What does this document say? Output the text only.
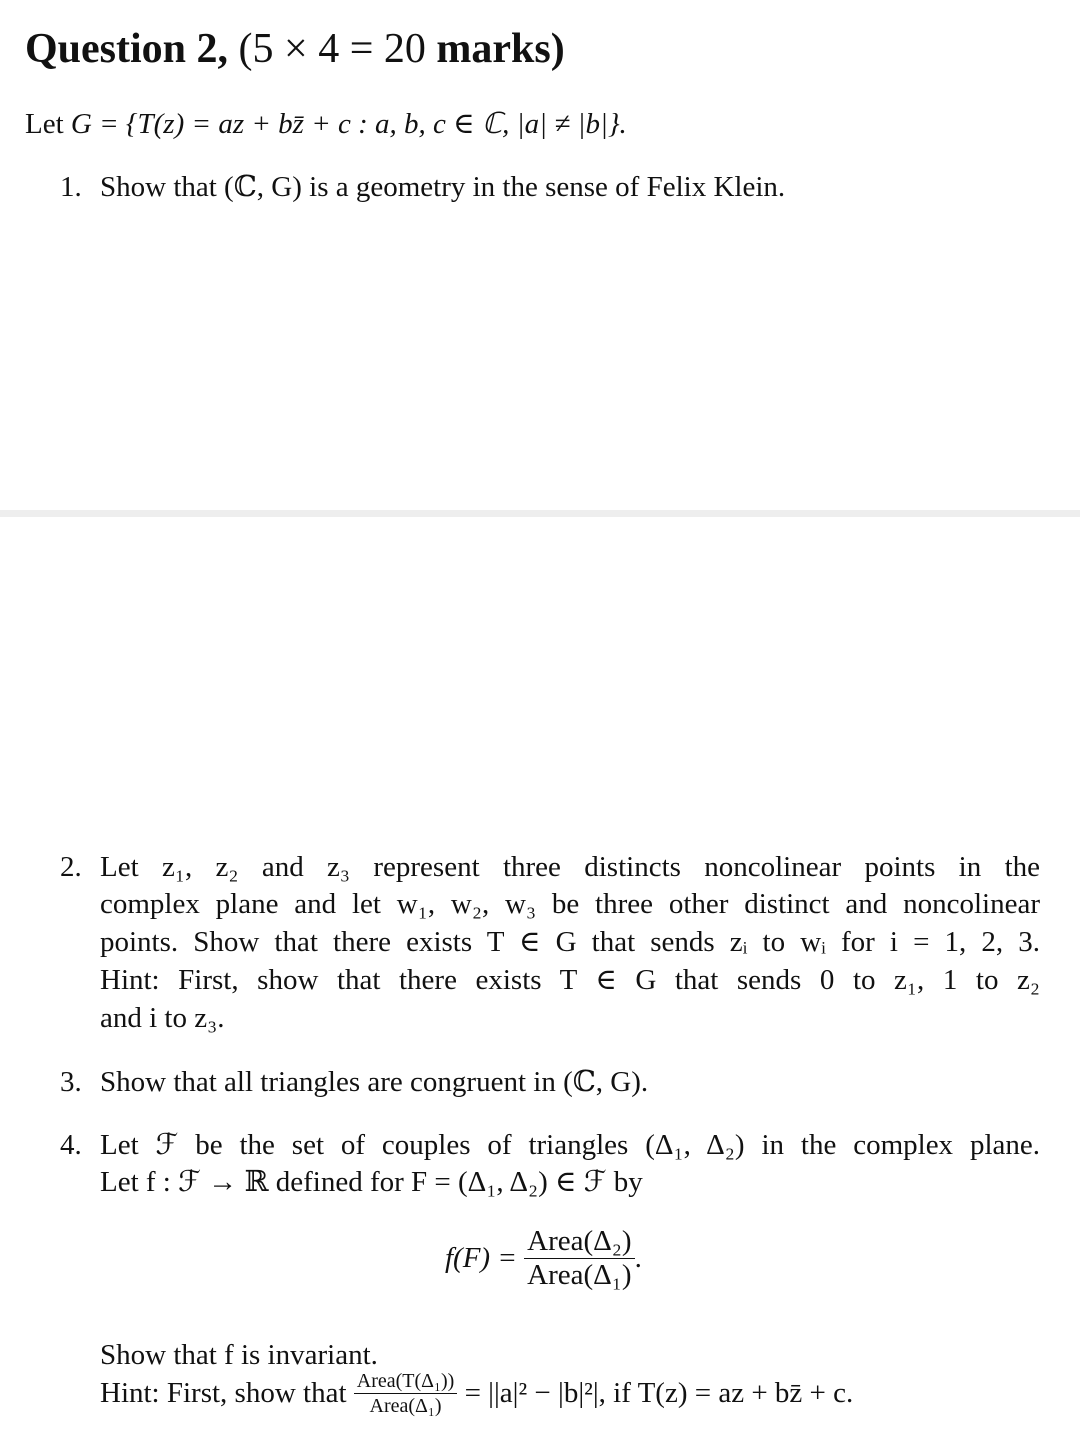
Question 2, (5 × 4 = 20 marks)
Let G = {T(z) = az + bz̄ + c : a, b, c ∈ ℂ, |a| ≠ |b|}.
1. Show that (ℂ, G) is a geometry in the sense of Felix Klein.
2. Let z₁, z₂ and z₃ represent three distincts noncolinear points in the
complex plane and let w₁, w₂, w₃ be three other distinct and noncolinear
points. Show that there exists T ∈ G that sends zᵢ to wᵢ for i = 1, 2, 3.
Hint: First, show that there exists T ∈ G that sends 0 to z₁, 1 to z₂
and i to z₃.
3. Show that all triangles are congruent in (ℂ, G).
4. Let ℱ be the set of couples of triangles (Δ₁, Δ₂) in the complex plane.
Let f : ℱ → ℝ defined for F = (Δ₁, Δ₂) ∈ ℱ by
$f(F) = \frac{\text{Area(Δ₂)}}{\text{Area(Δ₁)}}$ .
Show that f is invariant.
Hint: First, show that $\frac{\text{Area(T(Δ₁))}}{\text{Area(Δ₁)}} = ||a|^2 - |b|^2|$, if T(z) = az + bz̄ + c.
